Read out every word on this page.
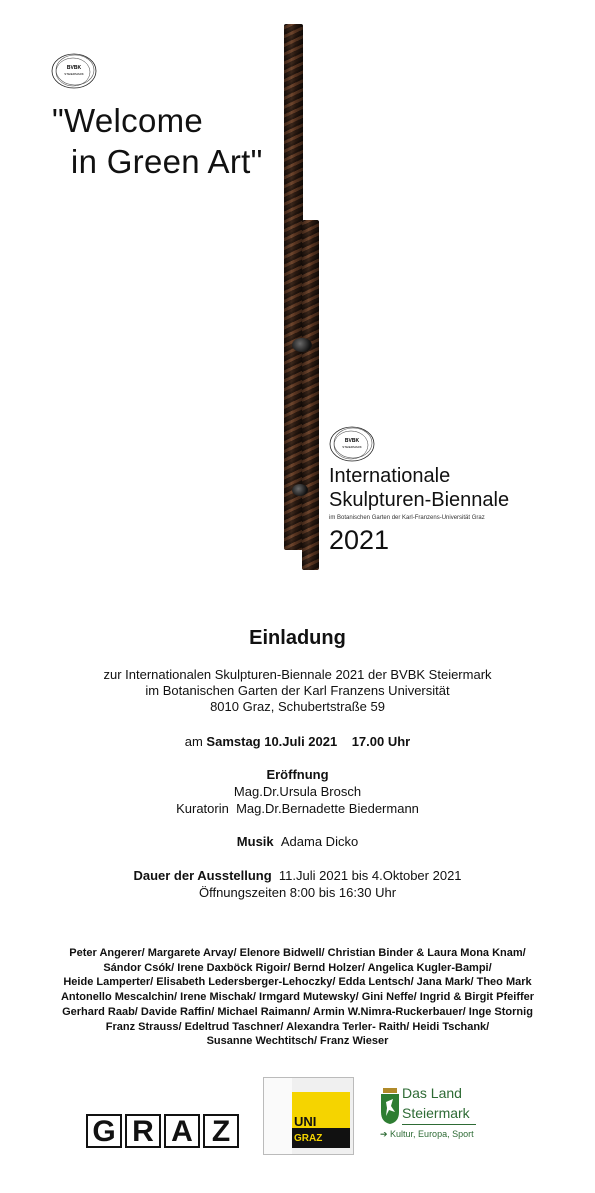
BVBK
STEIERMARK
"Welcome
in Green Art"
BVBK
STEIERMARK
Internationale
Skulpturen-Biennale
im Botanischen Garten der Karl-Franzens-Universität Graz
2021
Einladung
zur Internationalen Skulpturen-Biennale 2021 der BVBK Steiermark
im Botanischen Garten der Karl Franzens Universität
8010 Graz, Schubertstraße 59
am Samstag 10.Juli 2021 17.00 Uhr
Eröffnung
Mag.Dr.Ursula Brosch
Kuratorin Mag.Dr.Bernadette Biedermann
Musik Adama Dicko
Dauer der Ausstellung 11.Juli 2021 bis 4.Oktober 2021
Öffnungszeiten 8:00 bis 16:30 Uhr
Peter Angerer/ Margarete Arvay/ Elenore Bidwell/ Christian Binder & Laura Mona Knam/
Sándor Csók/ Irene Daxböck Rigoir/ Bernd Holzer/ Angelica Kugler-Bampi/
Heide Lamperter/ Elisabeth Ledersberger-Lehoczky/ Edda Lentsch/ Jana Mark/ Theo Mark
Antonello Mescalchin/ Irene Mischak/ Irmgard Mutewsky/ Gini Neffe/ Ingrid & Birgit Pfeiffer
Gerhard Raab/ Davide Raffin/ Michael Raimann/ Armin W.Nimra-Ruckerbauer/ Inge Stornig
Franz Strauss/ Edeltrud Taschner/ Alexandra Terler- Raith/ Heidi Tschank/
Susanne Wechtitsch/ Franz Wieser
G R A Z	UNI
GRAZ
Das Land
Steiermark
➔ Kultur, Europa, Sport
